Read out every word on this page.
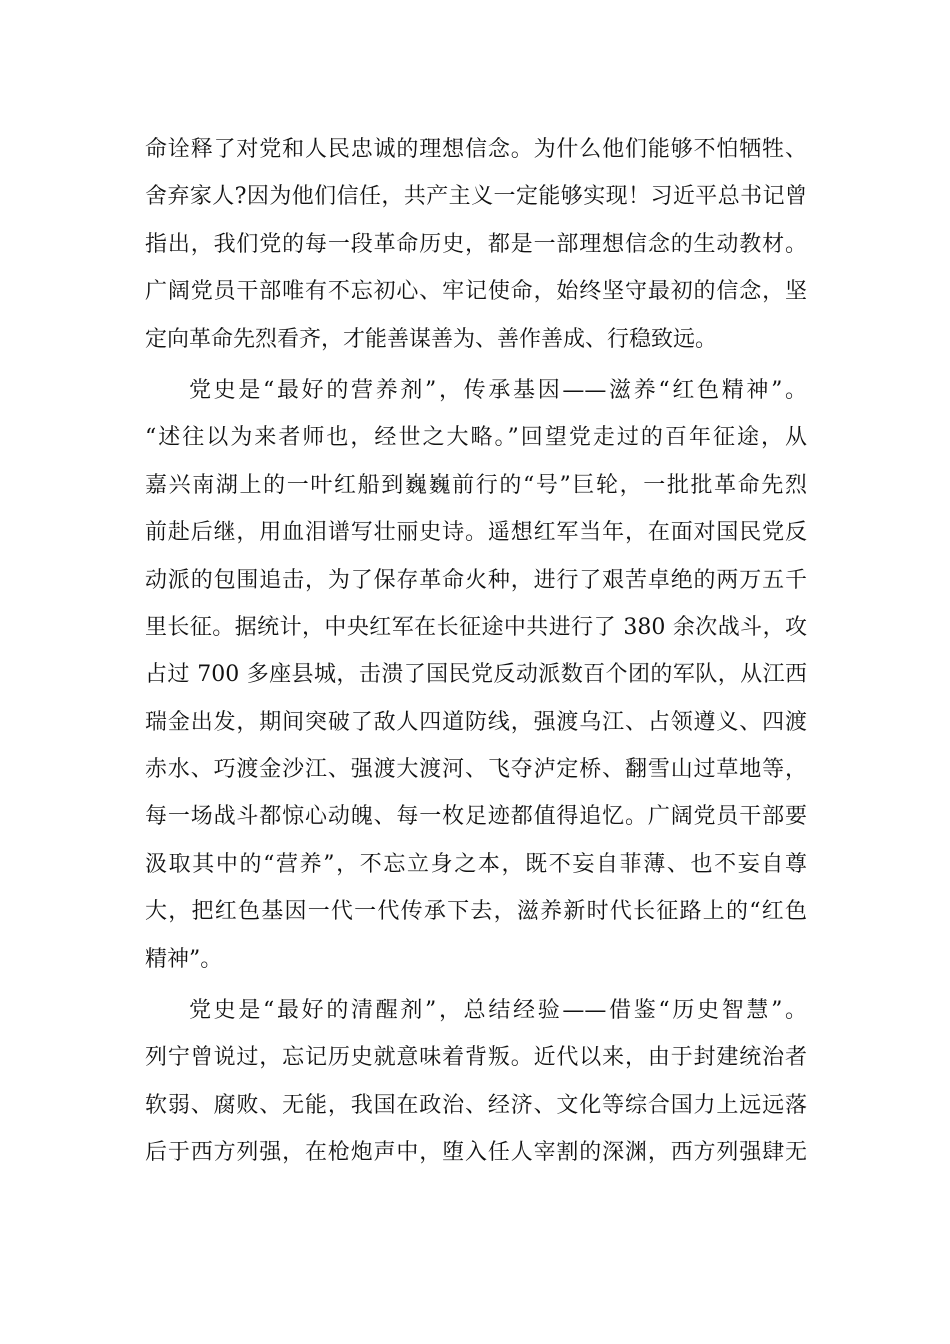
命诠释了对党和人民忠诚的理想信念。为什么他们能够不怕牺牲、
舍弃家人?因为他们信任，共产主义一定能够实现！习近平总书记曾
指出，我们党的每一段革命历史，都是一部理想信念的生动教材。
广阔党员干部唯有不忘初心、牢记使命，始终坚守最初的信念，坚
定向革命先烈看齐，才能善谋善为、善作善成、行稳致远。
党史是“最好的营养剂”，传承基因——滋养“红色精神”。
“述往以为来者师也，经世之大略。”回望党走过的百年征途，从
嘉兴南湖上的一叶红船到巍巍前行的“号”巨轮，一批批革命先烈
前赴后继，用血泪谱写壮丽史诗。遥想红军当年，在面对国民党反
动派的包围追击，为了保存革命火种，进行了艰苦卓绝的两万五千
里长征。据统计，中央红军在长征途中共进行了 380 余次战斗，攻
占过 700 多座县城，击溃了国民党反动派数百个团的军队，从江西
瑞金出发，期间突破了敌人四道防线，强渡乌江、占领遵义、四渡
赤水、巧渡金沙江、强渡大渡河、飞夺泸定桥、翻雪山过草地等，
每一场战斗都惊心动魄、每一枚足迹都值得追忆。广阔党员干部要
汲取其中的“营养”，不忘立身之本，既不妄自菲薄、也不妄自尊
大，把红色基因一代一代传承下去，滋养新时代长征路上的“红色
精神”。
党史是“最好的清醒剂”，总结经验——借鉴“历史智慧”。
列宁曾说过，忘记历史就意味着背叛。近代以来，由于封建统治者
软弱、腐败、无能，我国在政治、经济、文化等综合国力上远远落
后于西方列强，在枪炮声中，堕入任人宰割的深渊，西方列强肆无
